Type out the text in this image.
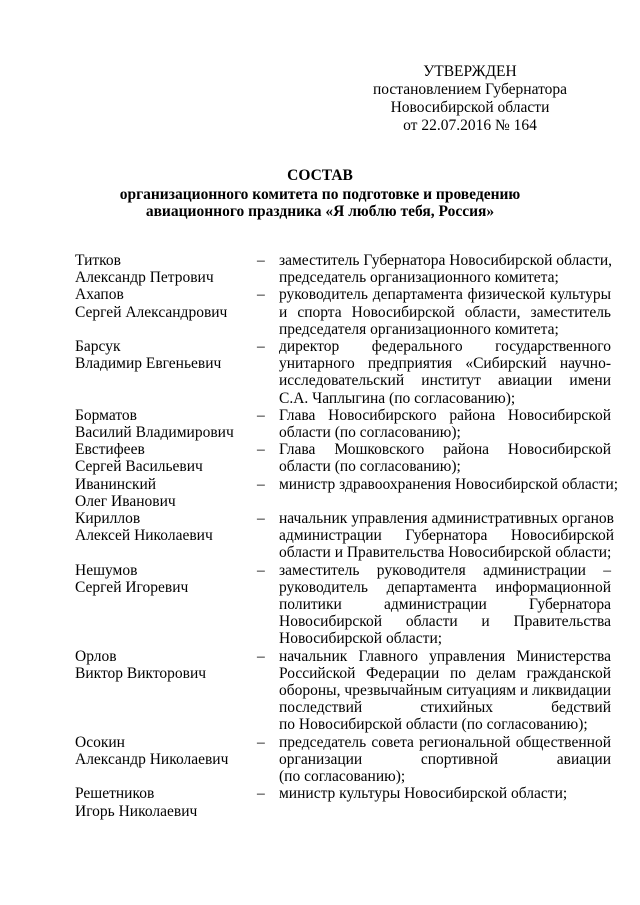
УТВЕРЖДЕН
постановлением Губернатора
Новосибирской области
от 22.07.2016 № 164
СОСТАВ
организационного комитета по подготовке и проведению
авиационного праздника «Я люблю тебя, Россия»
Титков
Александр Петрович
– заместитель Губернатора Новосибирской области,
председатель организационного комитета;
Ахапов
Сергей Александрович
– руководитель департамента физической культуры
и спорта Новосибирской области, заместитель
председателя организационного комитета;
Барсук
Владимир Евгеньевич
– директор федерального государственного
унитарного предприятия «Сибирский научно-
исследовательский институт авиации имени
С.А. Чаплыгина (по согласованию);
Борматов
Василий Владимирович
– Глава Новосибирского района Новосибирской
области (по согласованию);
Евстифеев
Сергей Васильевич
– Глава Мошковского района Новосибирской
области (по согласованию);
Иванинский
Олег Иванович
– министр здравоохранения Новосибирской области;
Кириллов
Алексей Николаевич
– начальник управления административных органов
администрации Губернатора Новосибирской
области и Правительства Новосибирской области;
Нешумов
Сергей Игоревич
– заместитель руководителя администрации –
руководитель департамента информационной
политики администрации Губернатора
Новосибирской области и Правительства
Новосибирской области;
Орлов
Виктор Викторович
– начальник Главного управления Министерства
Российской Федерации по делам гражданской
обороны, чрезвычайным ситуациям и ликвидации
последствий стихийных бедствий
по Новосибирской области (по согласованию);
Осокин
Александр Николаевич
– председатель совета региональной общественной
организации спортивной авиации
(по согласованию);
Решетников
Игорь Николаевич
– министр культуры Новосибирской области;
